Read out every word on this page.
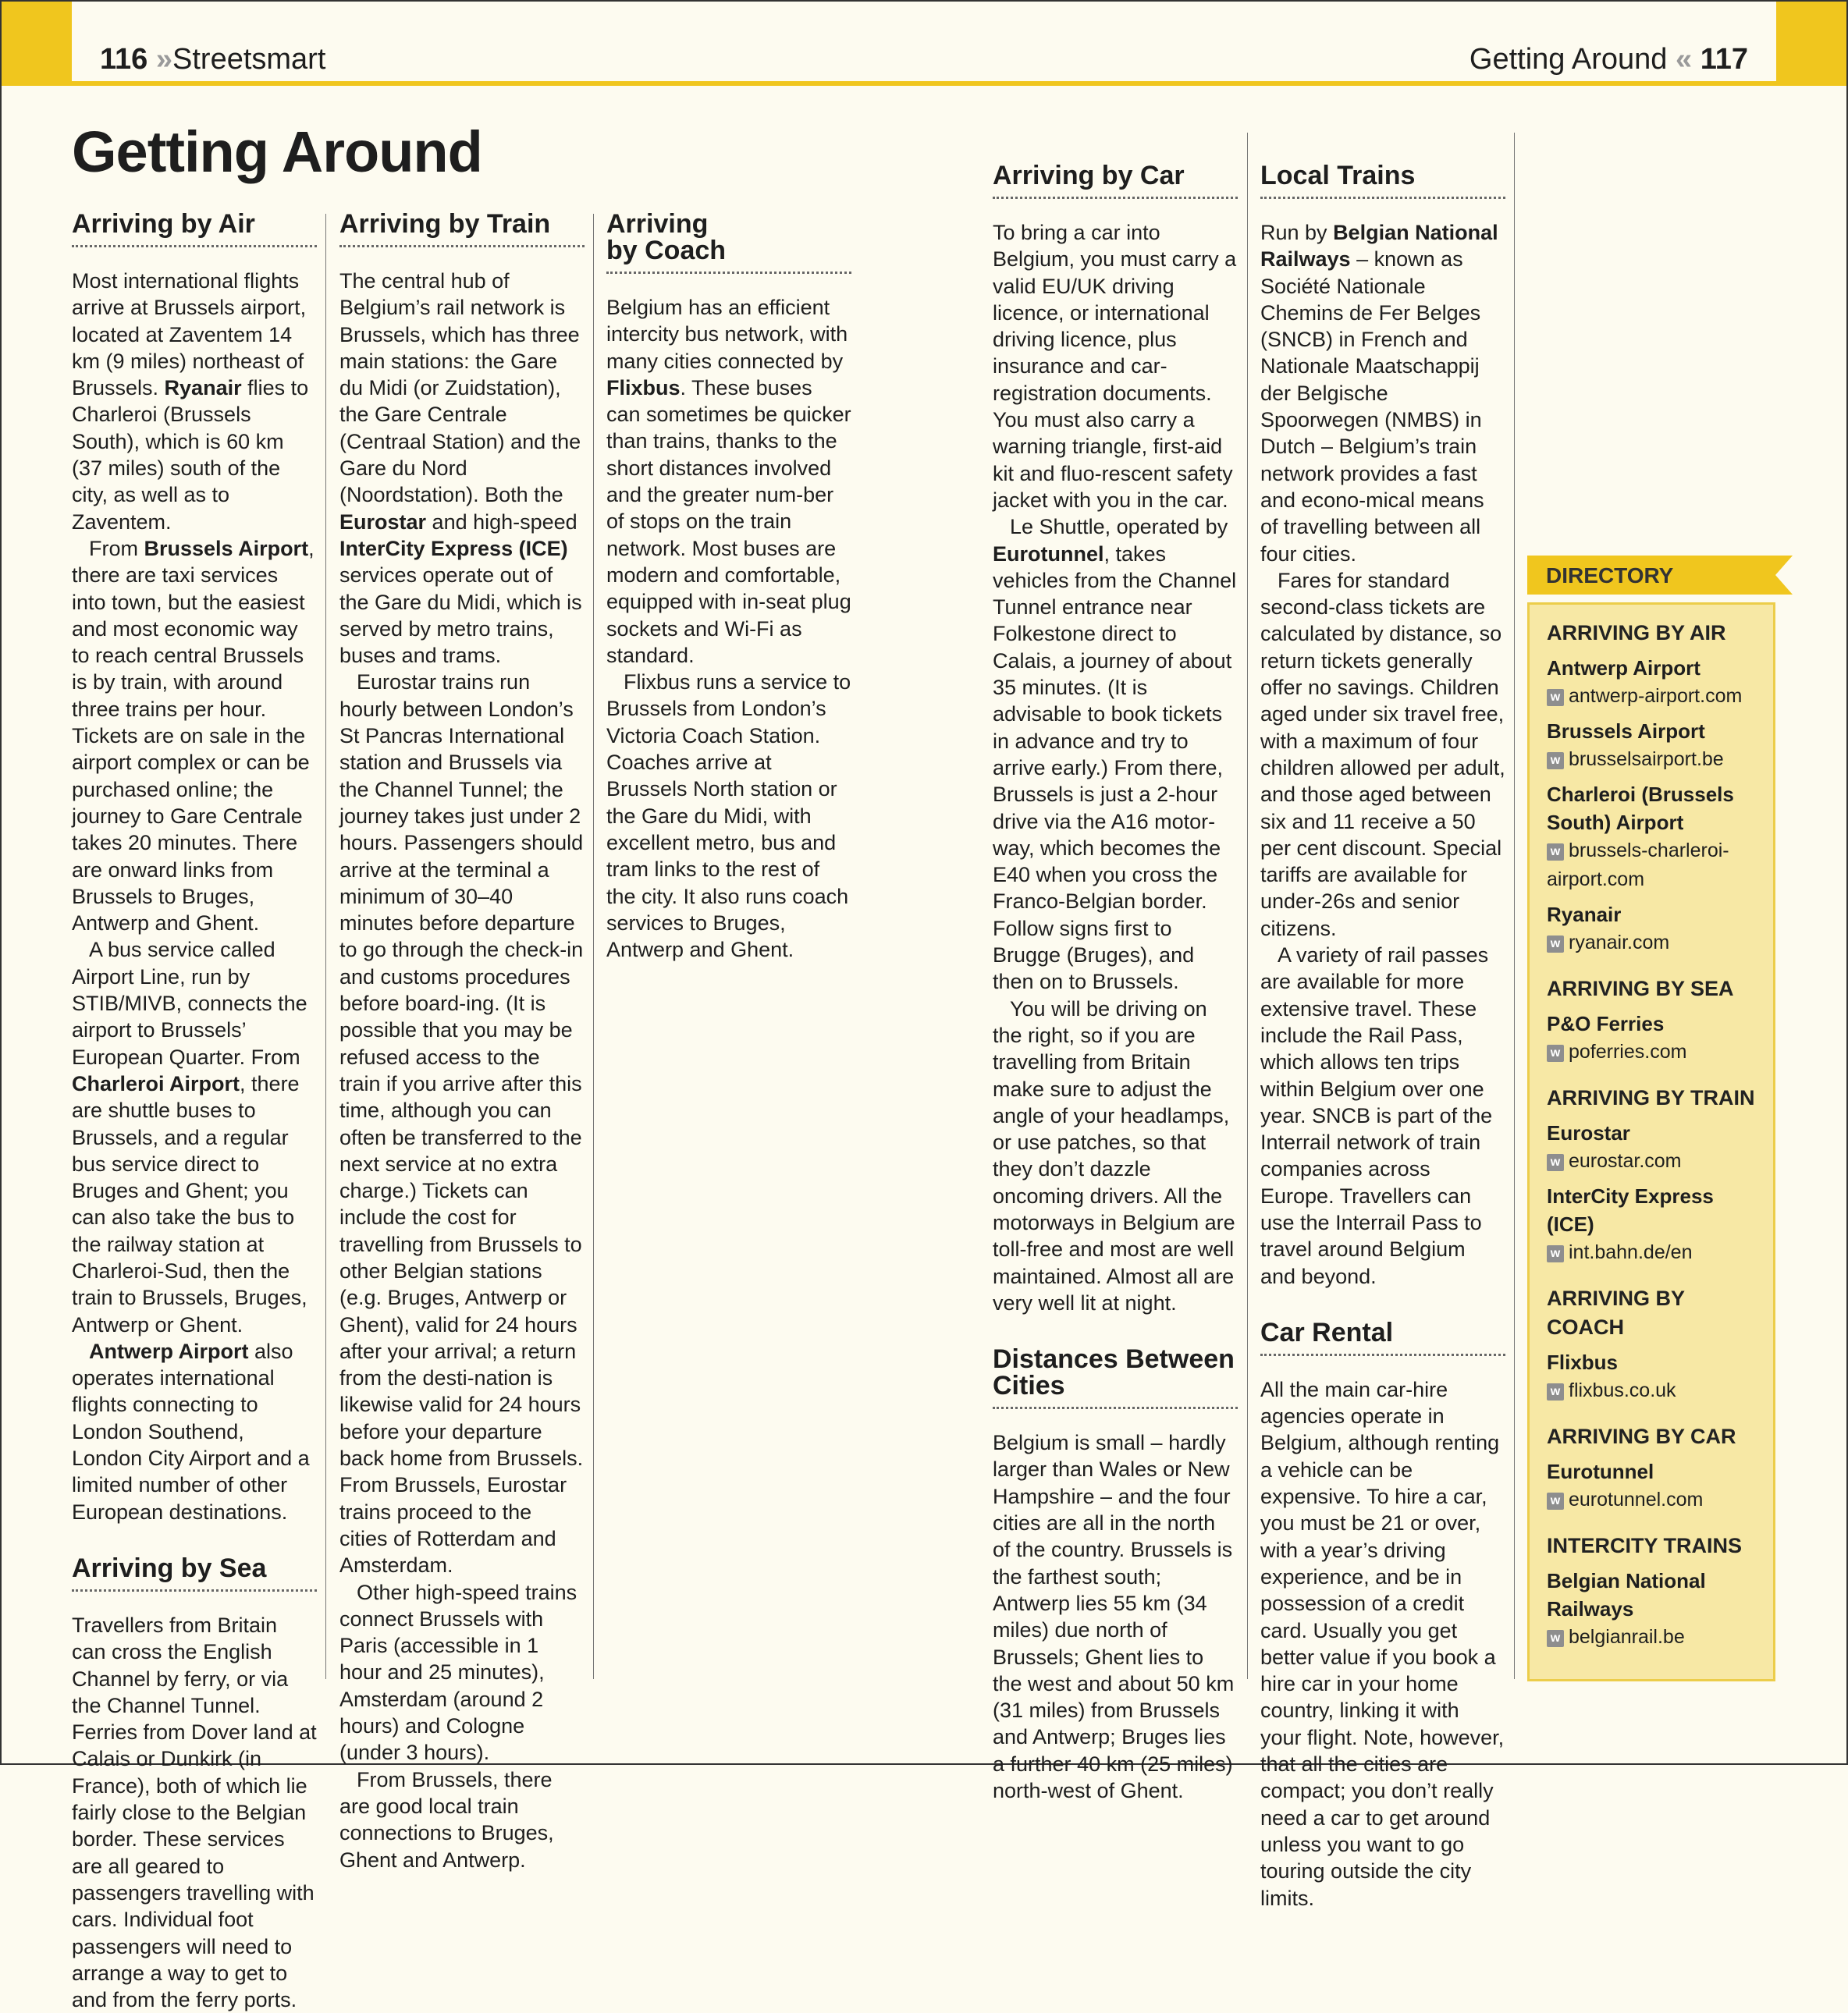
116 »Streetsmart	Getting Around « 117
Getting Around
Arriving by Air

Most international flights arrive at Brussels airport, located at Zaventem 14 km (9 miles) northeast of Brussels. Ryanair flies to Charleroi (Brussels South), which is 60 km (37 miles) south of the city, as well as to Zaventem.

From Brussels Airport, there are taxi services into town, but the easiest and most economic way to reach central Brussels is by train, with around three trains per hour. Tickets are on sale in the airport complex or can be purchased online; the journey to Gare Centrale takes 20 minutes. There are onward links from Brussels to Bruges, Antwerp and Ghent.

A bus service called Airport Line, run by STIB/MIVB, connects the airport to Brussels’ European Quarter. From Charleroi Airport, there are shuttle buses to Brussels, and a regular bus service direct to Bruges and Ghent; you can also take the bus to the railway station at Charleroi-Sud, then the train to Brussels, Bruges, Antwerp or Ghent.

Antwerp Airport also operates international flights connecting to London Southend, London City Airport and a limited number of other European destinations.

Arriving by Sea

Travellers from Britain can cross the English Channel by ferry, or via the Channel Tunnel. Ferries from Dover land at Calais or Dunkirk (in France), both of which lie fairly close to the Belgian border. These services are all geared to passengers travelling with cars. Individual foot passengers will need to arrange a way to get to and from the ferry ports.

Arriving by Train

The central hub of Belgium’s rail network is Brussels, which has three main stations: the Gare du Midi (or Zuidstation), the Gare Centrale (Centraal Station) and the Gare du Nord (Noordstation). Both the Eurostar and high-speed InterCity Express (ICE) services operate out of the Gare du Midi, which is served by metro trains, buses and trams.

Eurostar trains run hourly between London’s St Pancras International station and Brussels via the Channel Tunnel; the journey takes just under 2 hours. Passengers should arrive at the terminal a minimum of 30–40 minutes before departure to go through the check-in and customs procedures before board-ing. (It is possible that you may be refused access to the train if you arrive after this time, although you can often be transferred to the next service at no extra charge.) Tickets can include the cost for travelling from Brussels to other Belgian stations (e.g. Bruges, Antwerp or Ghent), valid for 24 hours after your arrival; a return from the desti-nation is likewise valid for 24 hours before your departure back home from Brussels. From Brussels, Eurostar trains proceed to the cities of Rotterdam and Amsterdam.

Other high-speed trains connect Brussels with Paris (accessible in 1 hour and 25 minutes), Amsterdam (around 2 hours) and Cologne (under 3 hours).

From Brussels, there are good local train connections to Bruges, Ghent and Antwerp.

Arriving
by Coach

Belgium has an efficient intercity bus network, with many cities connected by Flixbus. These buses can sometimes be quicker than trains, thanks to the short distances involved and the greater num-ber of stops on the train network. Most buses are modern and comfortable, equipped with in-seat plug sockets and Wi-Fi as standard.

Flixbus runs a service to Brussels from London’s Victoria Coach Station. Coaches arrive at Brussels North station or the Gare du Midi, with excellent metro, bus and tram links to the rest of the city. It also runs coach services to Bruges, Antwerp and Ghent.

Arriving by Car

To bring a car into Belgium, you must carry a valid EU/UK driving licence, or international driving licence, plus insurance and car-registration documents. You must also carry a warning triangle, first-aid kit and fluo-rescent safety jacket with you in the car.

Le Shuttle, operated by Eurotunnel, takes vehicles from the Channel Tunnel entrance near Folkestone direct to Calais, a journey of about 35 minutes. (It is advisable to book tickets in advance and try to arrive early.) From there, Brussels is just a 2-hour drive via the A16 motor-way, which becomes the E40 when you cross the Franco-Belgian border. Follow signs first to Brugge (Bruges), and then on to Brussels.

You will be driving on the right, so if you are travelling from Britain make sure to adjust the angle of your headlamps, or use patches, so that they don’t dazzle oncoming drivers. All the motorways in Belgium are toll-free and most are well maintained. Almost all are very well lit at night.

Distances Between
Cities

Belgium is small – hardly larger than Wales or New Hampshire – and the four cities are all in the north of the country. Brussels is the farthest south; Antwerp lies 55 km (34 miles) due north of Brussels; Ghent lies to the west and about 50 km (31 miles) from Brussels and Antwerp; Bruges lies a further 40 km (25 miles) north-west of Ghent.

Local Trains

Run by Belgian National Railways – known as Société Nationale Chemins de Fer Belges (SNCB) in French and Nationale Maatschappij der Belgische Spoorwegen (NMBS) in Dutch – Belgium’s train network provides a fast and econo-mical means of travelling between all four cities.

Fares for standard second-class tickets are calculated by distance, so return tickets generally offer no savings. Children aged under six travel free, with a maximum of four children allowed per adult, and those aged between six and 11 receive a 50 per cent discount. Special tariffs are available for under-26s and senior citizens.

A variety of rail passes are available for more extensive travel. These include the Rail Pass, which allows ten trips within Belgium over one year. SNCB is part of the Interrail network of train companies across Europe. Travellers can use the Interrail Pass to travel around Belgium and beyond.

Car Rental

All the main car-hire agencies operate in Belgium, although renting a vehicle can be expensive. To hire a car, you must be 21 or over, with a year’s driving experience, and be in possession of a credit card. Usually you get better value if you book a hire car in your home country, linking it with your flight. Note, however, that all the cities are compact; you don’t really need a car to get around unless you want to go touring outside the city limits.

DIRECTORY
ARRIVING BY AIR
Antwerp Airport
w antwerp-airport.com
Brussels Airport
w brusselsairport.be
Charleroi (Brussels South) Airport
w brussels-charleroi-airport.com
Ryanair
w ryanair.com
ARRIVING BY SEA
P&O Ferries
w poferries.com
ARRIVING BY TRAIN
Eurostar
w eurostar.com
InterCity Express (ICE)
w int.bahn.de/en
ARRIVING BY COACH
Flixbus
w flixbus.co.uk
ARRIVING BY CAR
Eurotunnel
w eurotunnel.com
INTERCITY TRAINS
Belgian National Railways
w belgianrail.be
